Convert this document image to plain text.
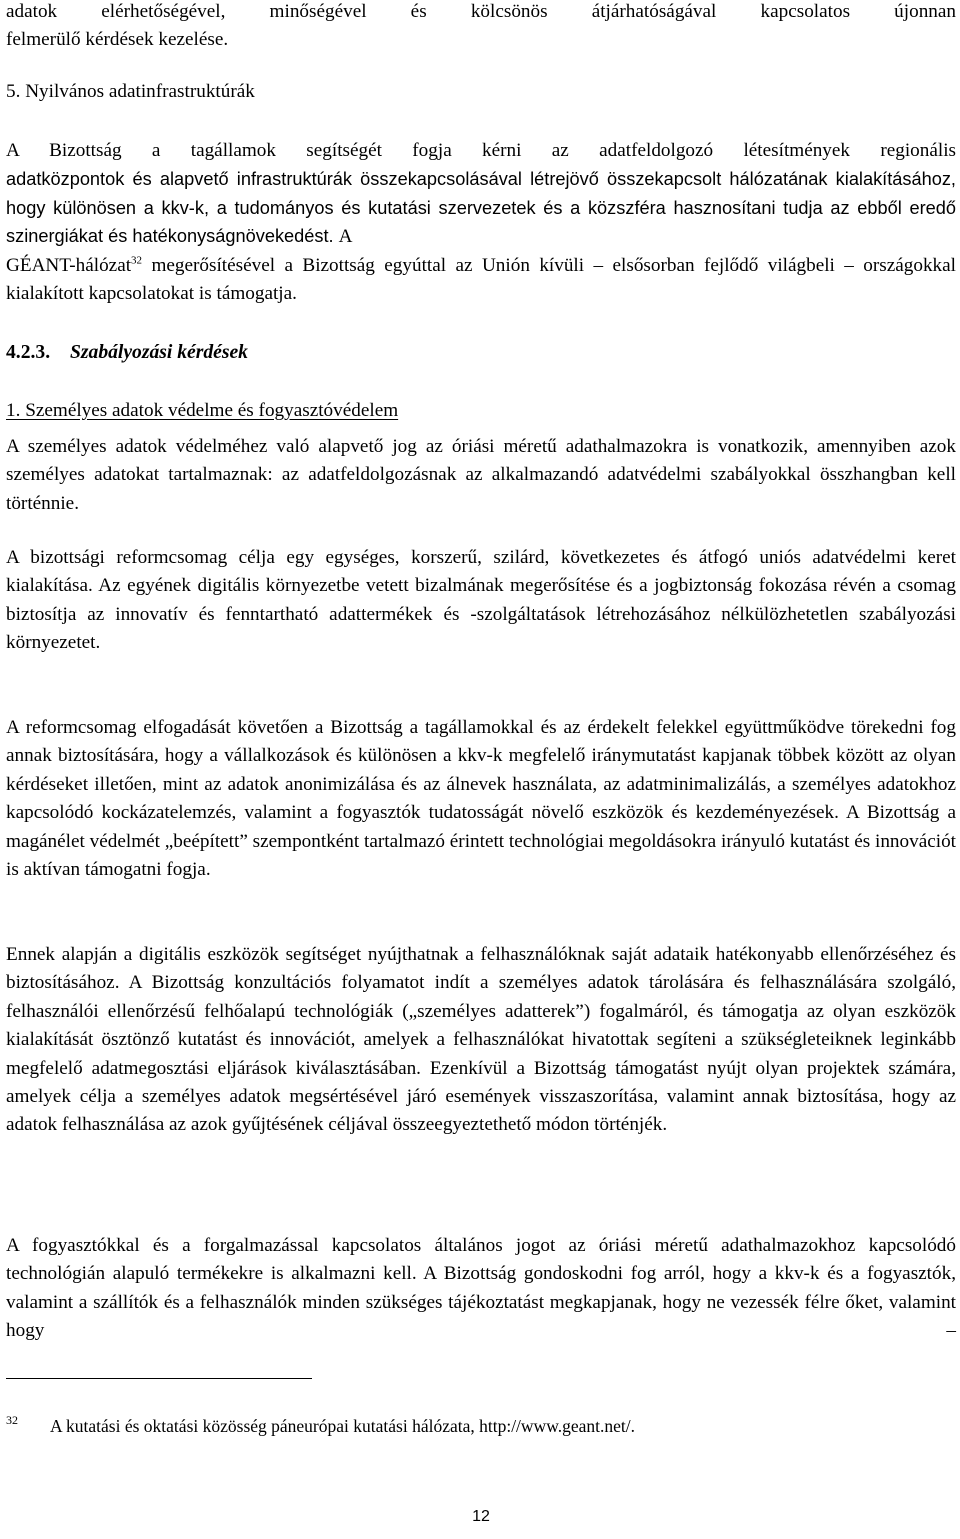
adatok elérhetőségével, minőségével és kölcsönös átjárhatóságával kapcsolatos újonnan

felmerülő kérdések kezelése.

5. Nyilvános adatinfrastruktúrák

A Bizottság a tagállamok segítségét fogja kérni az adatfeldolgozó létesítmények regionális

adatközpontok és alapvető infrastruktúrák összekapcsolásával létrejövő összekapcsolt hálózatának kialakításához, hogy különösen a kkv-k, a tudományos és kutatási szervezetek és a közszféra hasznosítani tudja az ebből eredő szinergiákat és hatékonyságnövekedést. A

GÉANT-hálózat$^{32}$ megerősítésével a Bizottság egyúttal az Unión kívüli – elsősorban fejlődő világbeli – országokkal kialakított kapcsolatokat is támogatja.

4.2.3. Szabályozási kérdések

1. Személyes adatok védelme és fogyasztóvédelem

A személyes adatok védelméhez való alapvető jog az óriási méretű adathalmazokra is vonatkozik, amennyiben azok személyes adatokat tartalmaznak: az adatfeldolgozásnak az alkalmazandó adatvédelmi szabályokkal összhangban kell történnie.

A bizottsági reformcsomag célja egy egységes, korszerű, szilárd, következetes és átfogó uniós adatvédelmi keret kialakítása. Az egyének digitális környezetbe vetett bizalmának megerősítése és a jogbiztonság fokozása révén a csomag biztosítja az innovatív és fenntartható adattermékek és -szolgáltatások létrehozásához nélkülözhetetlen szabályozási környezetet.

A reformcsomag elfogadását követően a Bizottság a tagállamokkal és az érdekelt felekkel együttműködve törekedni fog annak biztosítására, hogy a vállalkozások és különösen a kkv-k megfelelő iránymutatást kapjanak többek között az olyan kérdéseket illetően, mint az adatok anonimizálása és az álnevek használata, az adatminimalizálás, a személyes adatokhoz kapcsolódó kockázatelemzés, valamint a fogyasztók tudatosságát növelő eszközök és kezdeményezések. A Bizottság a magánélet védelmét „beépített” szempontként tartalmazó érintett technológiai megoldásokra irányuló kutatást és innovációt is aktívan támogatni fogja.

Ennek alapján a digitális eszközök segítséget nyújthatnak a felhasználóknak saját adataik hatékonyabb ellenőrzéséhez és biztosításához. A Bizottság konzultációs folyamatot indít a személyes adatok tárolására és felhasználására szolgáló, felhasználói ellenőrzésű felhőalapú technológiák („személyes adatterek”) fogalmáról, és támogatja az olyan eszközök kialakítását ösztönző kutatást és innovációt, amelyek a felhasználókat hivatottak segíteni a szükségleteiknek leginkább megfelelő adatmegosztási eljárások kiválasztásában. Ezenkívül a Bizottság támogatást nyújt olyan projektek számára, amelyek célja a személyes adatok megsértésével járó események visszaszorítása, valamint annak biztosítása, hogy az adatok felhasználása az azok gyűjtésének céljával összeegyeztethető módon történjék.

A fogyasztókkal és a forgalmazással kapcsolatos általános jogot az óriási méretű adathalmazokhoz kapcsolódó technológián alapuló termékekre is alkalmazni kell. A Bizottság gondoskodni fog arról, hogy a kkv-k és a fogyasztók, valamint a szállítók és a felhasználók minden szükséges tájékoztatást megkapjanak, hogy ne vezessék félre őket, valamint hogy –

32 A kutatási és oktatási közösség páneurópai kutatási hálózata, http://www.geant.net/.
12
